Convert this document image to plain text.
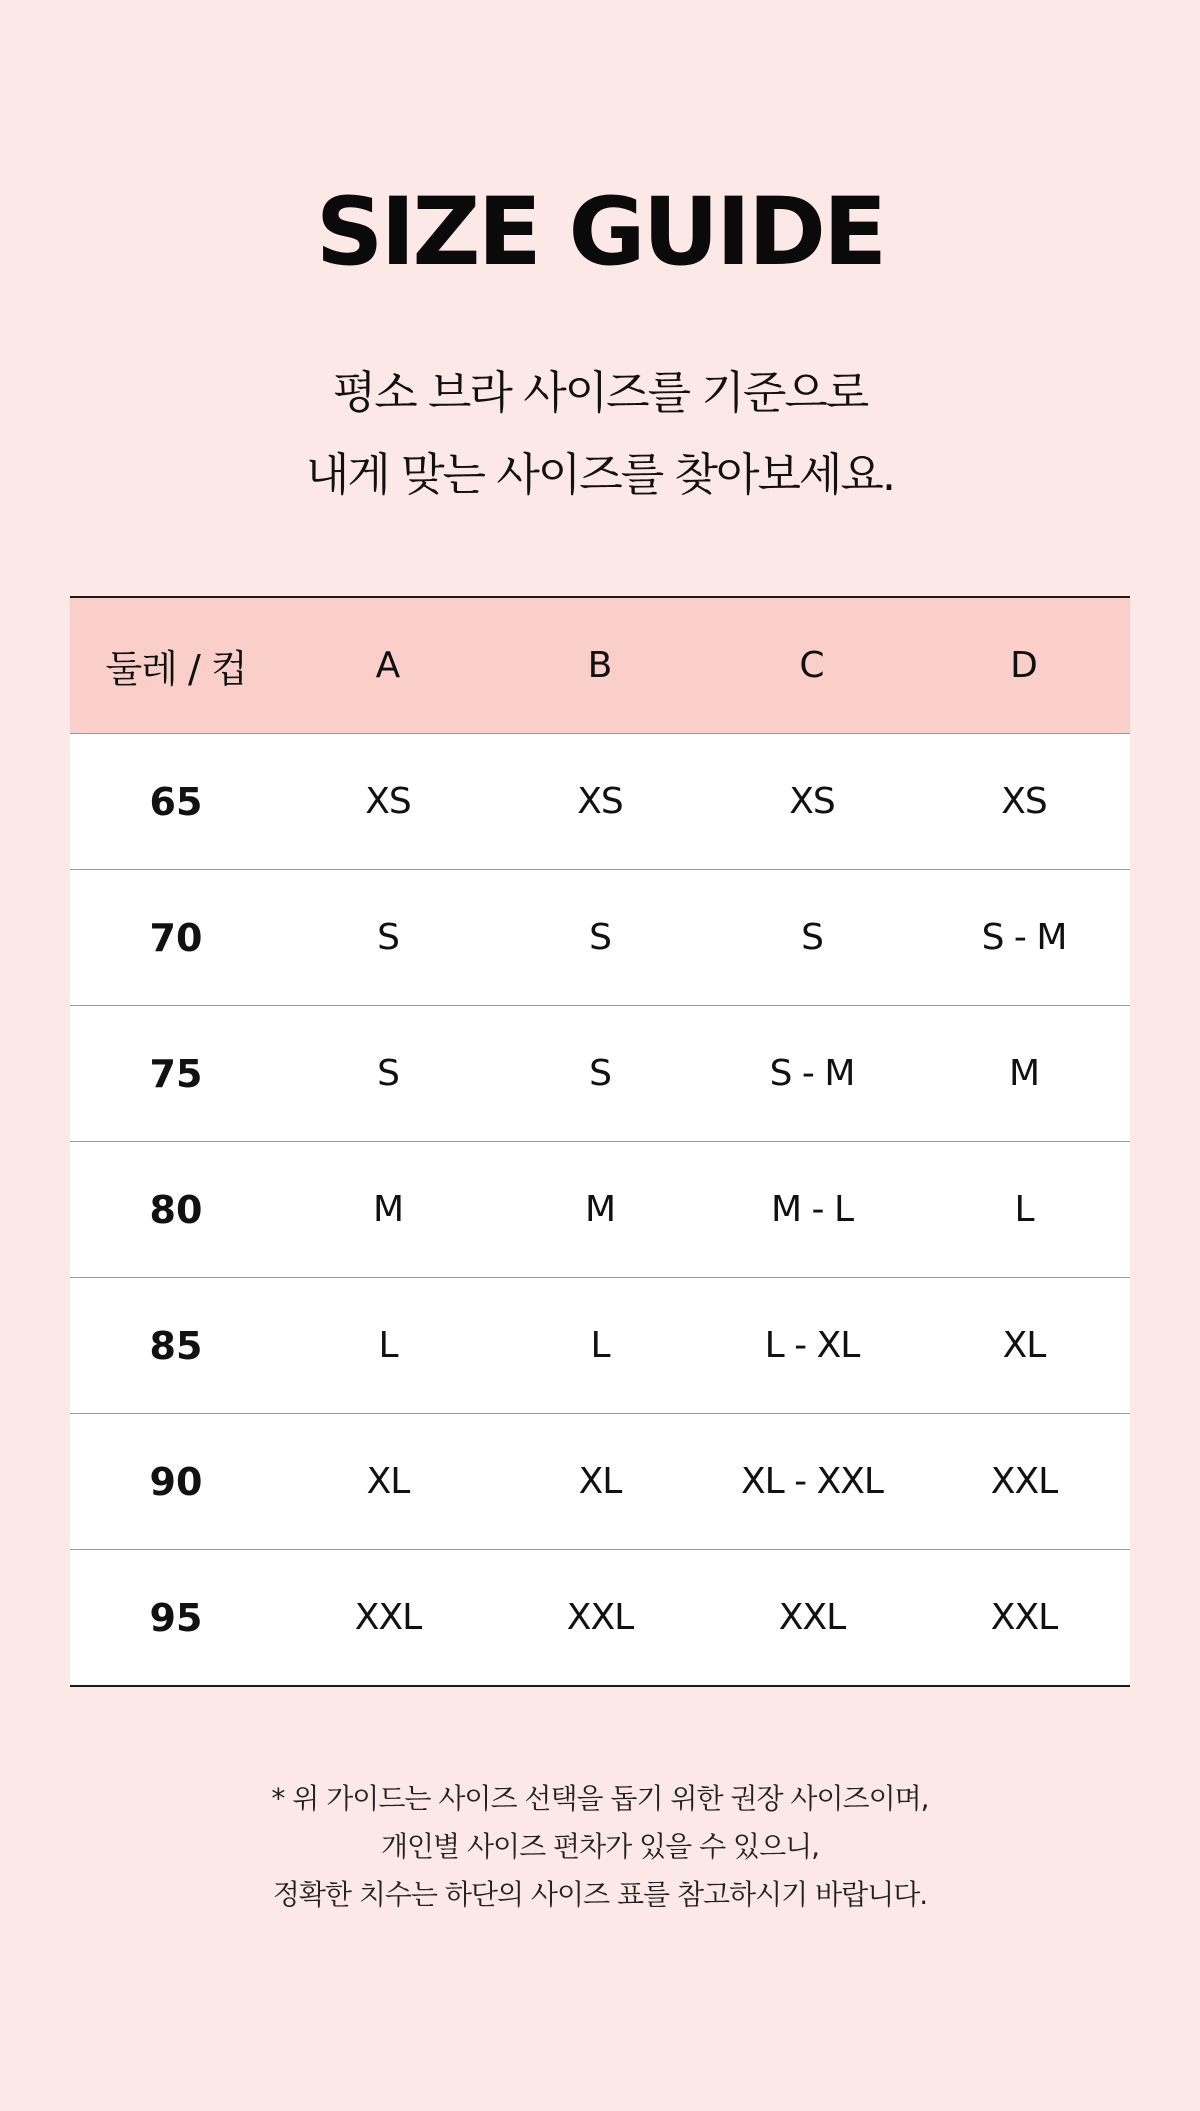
SIZE GUIDE
평소 브라 사이즈를 기준으로
내게 맞는 사이즈를 찾아보세요.
둘레 / 컵	A	B	C	D
65	XS	XS	XS	XS
70	S	S	S	S - M
75	S	S	S - M	M
80	M	M	M - L	L
85	L	L	L - XL	XL
90	XL	XL	XL - XXL	XXL
95	XXL	XXL	XXL	XXL
* 위 가이드는 사이즈 선택을 돕기 위한 권장 사이즈이며,
개인별 사이즈 편차가 있을 수 있으니,
정확한 치수는 하단의 사이즈 표를 참고하시기 바랍니다.
